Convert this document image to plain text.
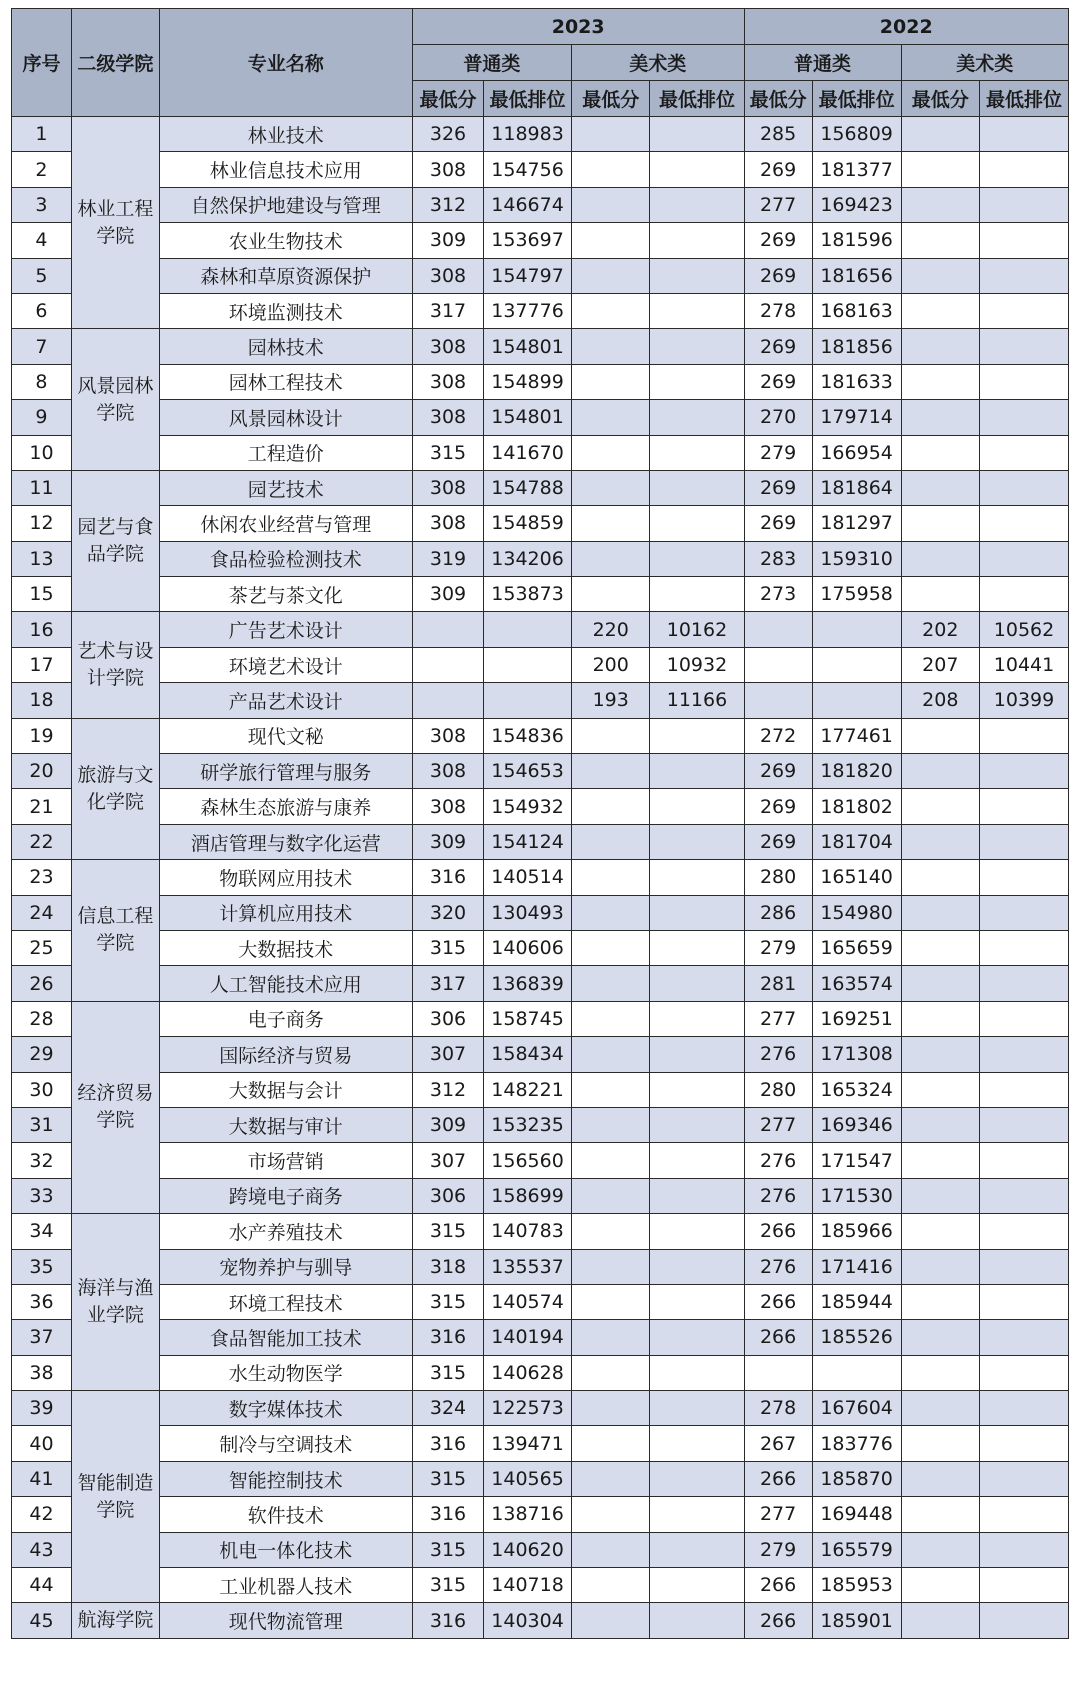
序号	二级学院	专业名称	2023				2022			
			普通类		美术类		普通类		美术类	
			最低分	最低排位	最低分	最低排位	最低分	最低排位	最低分	最低排位
1	林业工程学院	林业技术	326	118983			285	156809		
2		林业信息技术应用	308	154756			269	181377		
3		自然保护地建设与管理	312	146674			277	169423		
4		农业生物技术	309	153697			269	181596		
5		森林和草原资源保护	308	154797			269	181656		
6		环境监测技术	317	137776			278	168163		
7	风景园林学院	园林技术	308	154801			269	181856		
8		园林工程技术	308	154899			269	181633		
9		风景园林设计	308	154801			270	179714		
10		工程造价	315	141670			279	166954		
11	园艺与食品学院	园艺技术	308	154788			269	181864		
12		休闲农业经营与管理	308	154859			269	181297		
13		食品检验检测技术	319	134206			283	159310		
15		茶艺与茶文化	309	153873			273	175958		
16	艺术与设计学院	广告艺术设计			220	10162			202	10562
17		环境艺术设计			200	10932			207	10441
18		产品艺术设计			193	11166			208	10399
19	旅游与文化学院	现代文秘	308	154836			272	177461		
20		研学旅行管理与服务	308	154653			269	181820		
21		森林生态旅游与康养	308	154932			269	181802		
22		酒店管理与数字化运营	309	154124			269	181704		
23	信息工程学院	物联网应用技术	316	140514			280	165140		
24		计算机应用技术	320	130493			286	154980		
25		大数据技术	315	140606			279	165659		
26		人工智能技术应用	317	136839			281	163574		
28	经济贸易学院	电子商务	306	158745			277	169251		
29		国际经济与贸易	307	158434			276	171308		
30		大数据与会计	312	148221			280	165324		
31		大数据与审计	309	153235			277	169346		
32		市场营销	307	156560			276	171547		
33		跨境电子商务	306	158699			276	171530		
34	海洋与渔业学院	水产养殖技术	315	140783			266	185966		
35		宠物养护与驯导	318	135537			276	171416		
36		环境工程技术	315	140574			266	185944		
37		食品智能加工技术	316	140194			266	185526		
38		水生动物医学	315	140628						
39	智能制造学院	数字媒体技术	324	122573			278	167604		
40		制冷与空调技术	316	139471			267	183776		
41		智能控制技术	315	140565			266	185870		
42		软件技术	316	138716			277	169448		
43		机电一体化技术	315	140620			279	165579		
44		工业机器人技术	315	140718			266	185953		
45	航海学院	现代物流管理	316	140304			266	185901		
